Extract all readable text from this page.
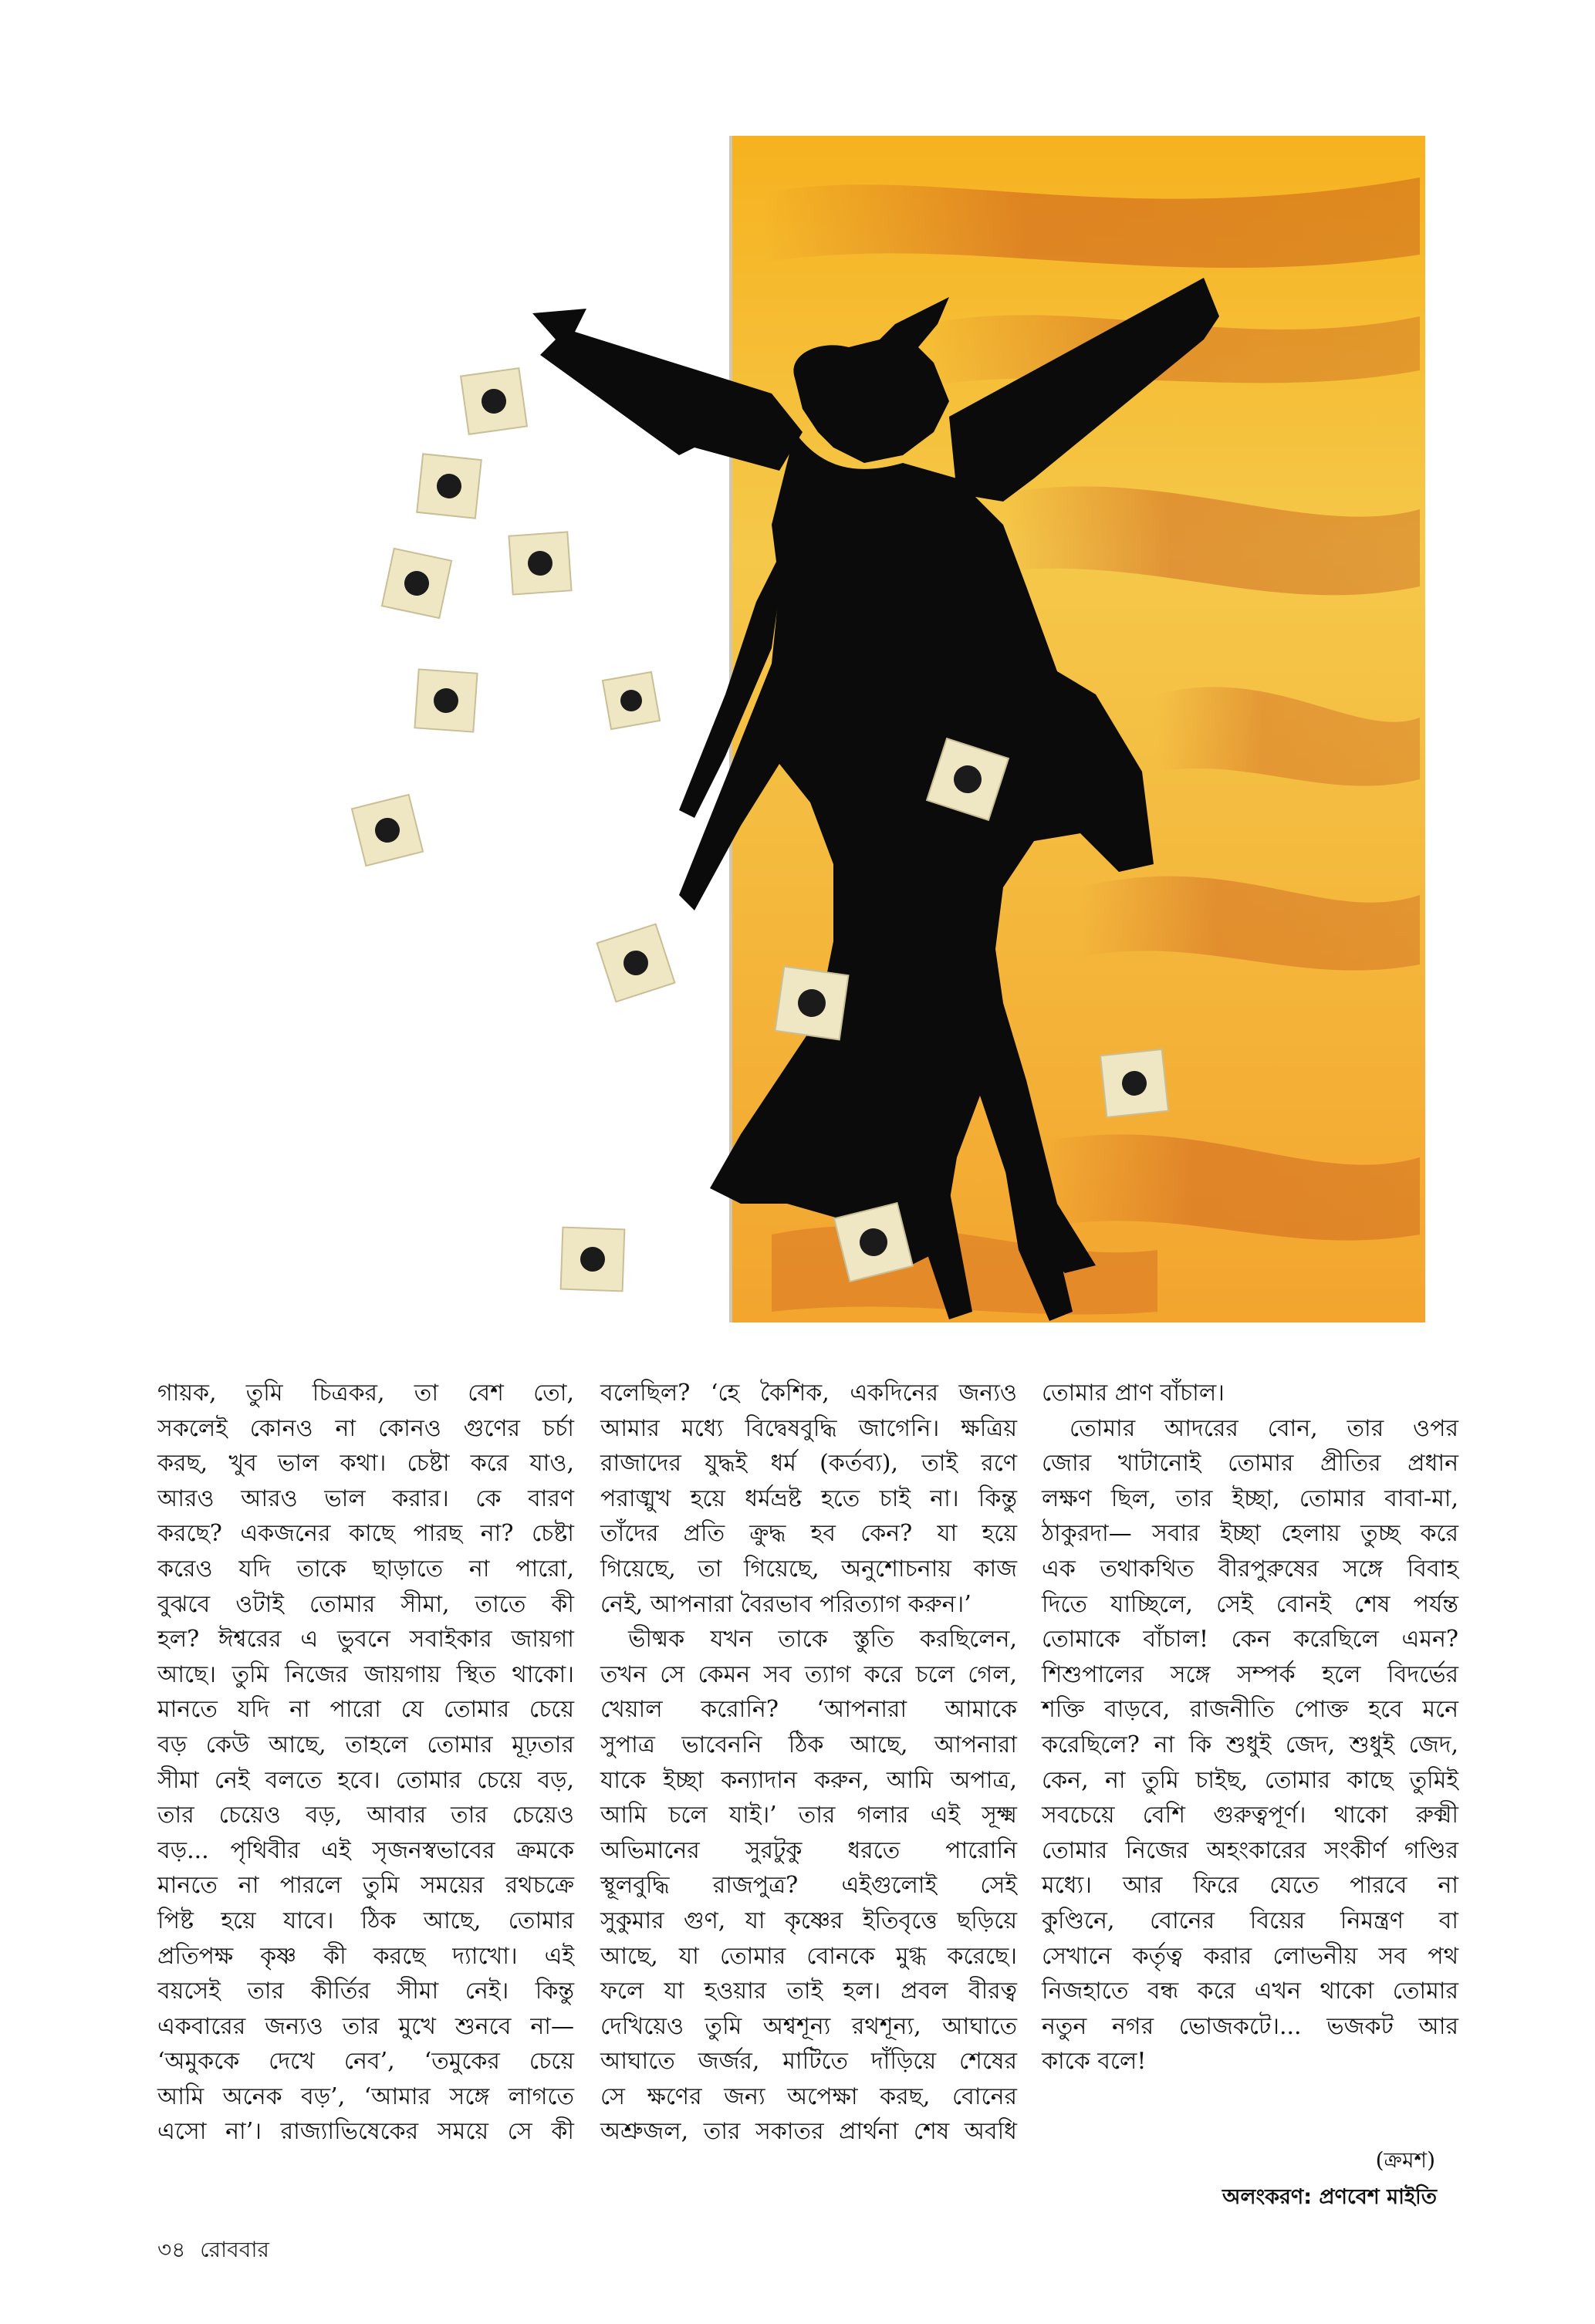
গায়ক, তুমি চিত্রকর, তা বেশ তো,

সকলেই কোনও না কোনও গুণের চর্চা

করছ, খুব ভাল কথা। চেষ্টা করে যাও,

আরও আরও ভাল করার। কে বারণ

করছে? একজনের কাছে পারছ না? চেষ্টা

করেও যদি তাকে ছাড়াতে না পারো,

বুঝবে ওটাই তোমার সীমা, তাতে কী

হল? ঈশ্বরের এ ভুবনে সবাইকার জায়গা

আছে। তুমি নিজের জায়গায় স্থিত থাকো।

মানতে যদি না পারো যে তোমার চেয়ে

বড় কেউ আছে, তাহলে তোমার মূঢ়তার

সীমা নেই বলতে হবে। তোমার চেয়ে বড়,

তার চেয়েও বড়, আবার তার চেয়েও

বড়... পৃথিবীর এই সৃজনস্বভাবের ক্রমকে

মানতে না পারলে তুমি সময়ের রথচক্রে

পিষ্ট হয়ে যাবে। ঠিক আছে, তোমার

প্রতিপক্ষ কৃষ্ণ কী করছে দ্যাখো। এই

বয়সেই তার কীর্তির সীমা নেই। কিন্তু

একবারের জন্যও তার মুখে শুনবে না—

‘অমুককে দেখে নেব’, ‘তমুকের চেয়ে

আমি অনেক বড়’, ‘আমার সঙ্গে লাগতে

এসো না’। রাজ্যাভিষেকের সময়ে সে কী

বলেছিল? ‘হে কৈশিক, একদিনের জন্যও

আমার মধ্যে বিদ্বেষবুদ্ধি জাগেনি। ক্ষত্রিয়

রাজাদের যুদ্ধই ধর্ম (কর্তব্য), তাই রণে

পরাঙ্মুখ হয়ে ধর্মভ্রষ্ট হতে চাই না। কিন্তু

তাঁদের প্রতি ক্রুদ্ধ হব কেন? যা হয়ে

গিয়েছে, তা গিয়েছে, অনুশোচনায় কাজ

নেই, আপনারা বৈরভাব পরিত্যাগ করুন।’

ভীষ্মক যখন তাকে স্তুতি করছিলেন,

তখন সে কেমন সব ত্যাগ করে চলে গেল,

খেয়াল করোনি? ‘আপনারা আমাকে

সুপাত্র ভাবেননি ঠিক আছে, আপনারা

যাকে ইচ্ছা কন্যাদান করুন, আমি অপাত্র,

আমি চলে যাই।’ তার গলার এই সূক্ষ্ম

অভিমানের সুরটুকু ধরতে পারোনি

স্থূলবুদ্ধি রাজপুত্র? এইগুলোই সেই

সুকুমার গুণ, যা কৃষ্ণের ইতিবৃত্তে ছড়িয়ে

আছে, যা তোমার বোনকে মুগ্ধ করেছে।

ফলে যা হওয়ার তাই হল। প্রবল বীরত্ব

দেখিয়েও তুমি অশ্বশূন্য রথশূন্য, আঘাতে

আঘাতে জর্জর, মাটিতে দাঁড়িয়ে শেষের

সে ক্ষণের জন্য অপেক্ষা করছ, বোনের

অশ্রুজল, তার সকাতর প্রার্থনা শেষ অবধি

তোমার প্রাণ বাঁচাল।

তোমার আদরের বোন, তার ওপর

জোর খাটানোই তোমার প্রীতির প্রধান

লক্ষণ ছিল, তার ইচ্ছা, তোমার বাবা-মা,

ঠাকুরদা— সবার ইচ্ছা হেলায় তুচ্ছ করে

এক তথাকথিত বীরপুরুষের সঙ্গে বিবাহ

দিতে যাচ্ছিলে, সেই বোনই শেষ পর্যন্ত

তোমাকে বাঁচাল! কেন করেছিলে এমন?

শিশুপালের সঙ্গে সম্পর্ক হলে বিদর্ভের

শক্তি বাড়বে, রাজনীতি পোক্ত হবে মনে

করেছিলে? না কি শুধুই জেদ, শুধুই জেদ,

কেন, না তুমি চাইছ, তোমার কাছে তুমিই

সবচেয়ে বেশি গুরুত্বপূর্ণ। থাকো রুক্মী

তোমার নিজের অহংকারের সংকীর্ণ গণ্ডির

মধ্যে। আর ফিরে যেতে পারবে না

কুণ্ডিনে, বোনের বিয়ের নিমন্ত্রণ বা

সেখানে কর্তৃত্ব করার লোভনীয় সব পথ

নিজহাতে বন্ধ করে এখন থাকো তোমার

নতুন নগর ভোজকটে।... ভজকট আর

কাকে বলে!

(ক্রমশ)
অলংকরণ: প্রণবেশ মাইতি
৩৪ রোববার
